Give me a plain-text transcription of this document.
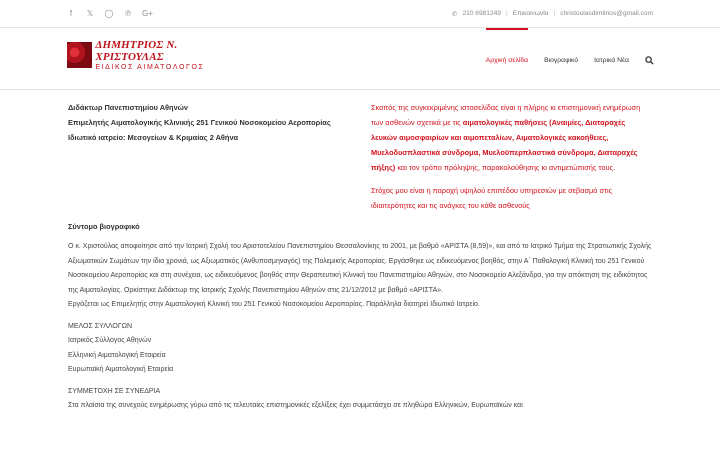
f	𝕏 ◯ ℗ G+	✆ 210 6981249 | Επικοινωνία | christoulasdimitrios@gmail.com
ΔΗΜΗΤΡΙΟΣ Ν. ΧΡΙΣΤΟΥΛΑΣ
ΕΙΔΙΚΟΣ ΑΙΜΑΤΟΛΟΓΟΣ
Αρχική σελίδα Βιογραφικό Ιατρικά Νέα
Διδάκτωρ Πανεπιστημίου Αθηνών
Επιμελητής Αιματολογικής Κλινικής 251 Γενικού Νοσοκομείου Αεροπορίας
Ιδιωτικό ιατρείο: Μεσογείων & Κριμαίας 2 Αθήνα

Σκοπός της συγκεκριμένης ιστοσελίδας είναι η πλήρης κι επιστημονική ενημέρωση των ασθενών σχετικά με τις αιματολογικές παθήσεις (Αναιμίες, Διαταραχές λευκών αιμοσφαιρίων και αιμοπεταλίων, Αιματολογικές κακοήθειες, Μυελοδυσπλαστικά σύνδρομα, Μυελοϋπερπλαστικά σύνδρομα, Διαταραχές πήξης) και τον τρόπο πρόληψης, παρακολούθησης κι αντιμετώπισής τους.

Στόχος μου είναι η παροχή υψηλού επιπέδου υπηρεσιών με σεβασμό στις ιδιαιτερότητες και τις ανάγκες του κάθε ασθενούς

Σύντομο βιογραφικό

Ο κ. Χριστούλας αποφοίτησε από την Ιατρική Σχολή του Αριστοτελείου Πανεπιστημίου Θεσσαλονίκης το 2001, με βαθμό «ΑΡΙΣΤΑ (8,59)», και από το Ιατρικό Τμήμα της Στρατιωτικής Σχολής Αξιωματικών Σωμάτων την ίδια χρονιά, ως Αξιωματικός (Ανθυποσμηναγός) της Πολεμικής Αεροπορίας. Εργάσθηκε ως ειδικευόμενος βοηθός, στην Α΄ Παθολογική Κλινική του 251 Γενικού Νοσοκομείου Αεροπορίας και στη συνέχεια, ως ειδικευόμενος βοηθός στην Θεραπευτική Κλινική του Πανεπιστημίου Αθηνών, στο Νοσοκομείο Αλεξάνδρα, για την απόκτηση της ειδικότητος της Αιματολογίας. Ορκίστηκε Διδάκτωρ της Ιατρικής Σχολής Πανεπιστημίου Αθηνών στις 21/12/2012 με βαθμό «ΑΡΙΣΤΑ».

Εργάζεται ως Επιμελητής στην Αιματολογική Κλινική του 251 Γενικού Νοσοκομείου Αεροπορίας. Παράλληλα διατηρεί Ιδιωτικό Ιατρείο.

ΜΕΛΟΣ ΣΥΛΛΟΓΩΝ
Ιατρικός Σύλλογος Αθηνών
Ελληνική Αιματολογική Εταιρεία
Ευρωπαϊκή Αιματολογική Εταιρεία
ΣΥΜΜΕΤΟΧΗ ΣΕ ΣΥΝΕΔΡΙΑ
Στα πλαίσια της συνεχούς ενημέρωσης γύρω από τις τελευταίες επιστημονικές εξελίξεις έχει συμμετάσχει σε πληθώρα Ελληνικών, Ευρωπαϊκών και
